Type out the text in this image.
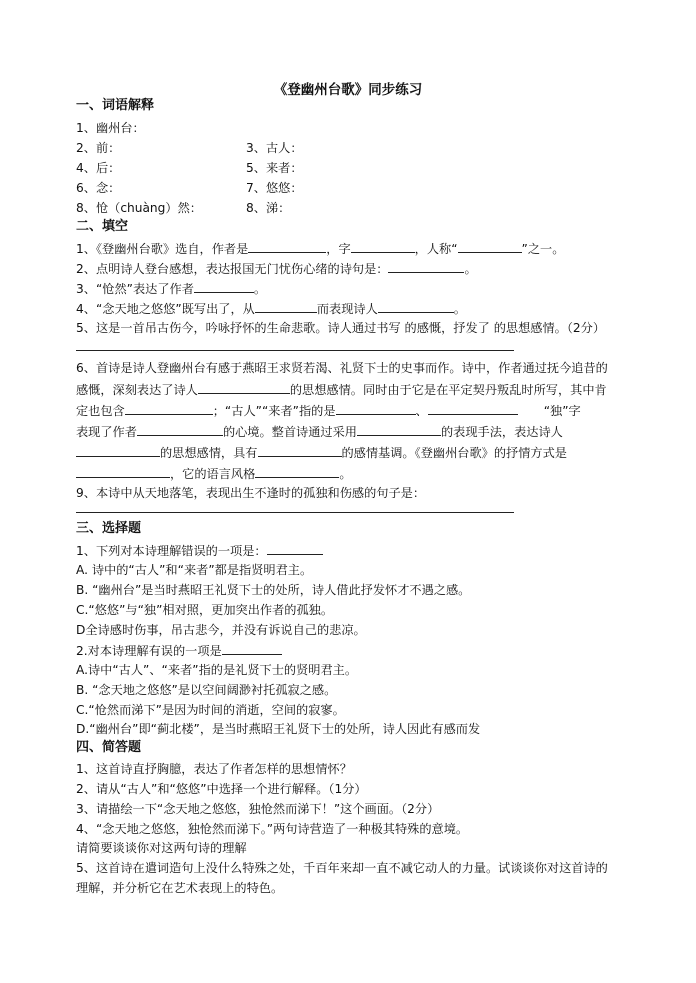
《登幽州台歌》同步练习
一、词语解释
1、幽州台：
2、前：	3、古人：
4、后：	5、来者：
6、念：	7、悠悠：
8、怆（chuàng）然：	8、涕：
二、填空
1、《登幽州台歌》选自，作者是	，字	，人称“	”之一。
2、点明诗人登台感想，表达报国无门忧伤心绪的诗句是：	。
3、“怆然”表达了作者	。
4、“念天地之悠悠”既写出了，从	而表现诗人	。
5、这是一首吊古伤今，吟咏抒怀的生命悲歌。诗人通过书写 的感慨，抒发了 的思想感情。（2分）
6、首诗是诗人登幽州台有感于燕昭王求贤若渴、礼贤下士的史事而作。诗中，作者通过抚今追昔的
感慨，深刻表达了诗人	的思想感情。同时由于它是在平定契丹叛乱时所写，其中肯
定也包含	；“古人”“来者”指的是	、	“独”字
表现了作者	的心境。整首诗通过采用	的表现手法，表达诗人
的思想感情，具有	的感情基调。《登幽州台歌》的抒情方式是
，它的语言风格	。
9、本诗中从天地落笔，表现出生不逢时的孤独和伤感的句子是：
三、选择题
1、下列对本诗理解错误的一项是：
A. 诗中的“古人”和“来者”都是指贤明君主。
B. “幽州台”是当时燕昭王礼贤下士的处所，诗人借此抒发怀才不遇之感。
C.“悠悠”与“独”相对照，更加突出作者的孤独。
D全诗感时伤事，吊古悲今，并没有诉说自己的悲凉。
2.对本诗理解有误的一项是
A.诗中“古人”、“来者”指的是礼贤下士的贤明君主。
B. “念天地之悠悠”是以空间阔渺衬托孤寂之感。
C.“怆然而涕下”是因为时间的消逝，空间的寂寥。
D.“幽州台”即“蓟北楼”，是当时燕昭王礼贤下士的处所，诗人因此有感而发
四、简答题
1、这首诗直抒胸臆，表达了作者怎样的思想情怀？
2、请从“古人”和“悠悠”中选择一个进行解释。（1分）
3、请描绘一下“念天地之悠悠，独怆然而涕下！”这个画面。（2分）
4、“念天地之悠悠，独怆然而涕下。”两句诗营造了一种极其特殊的意境。
请简要谈谈你对这两句诗的理解
5、这首诗在遣词造句上没什么特殊之处，千百年来却一直不减它动人的力量。试谈谈你对这首诗的
理解，并分析它在艺术表现上的特色。
